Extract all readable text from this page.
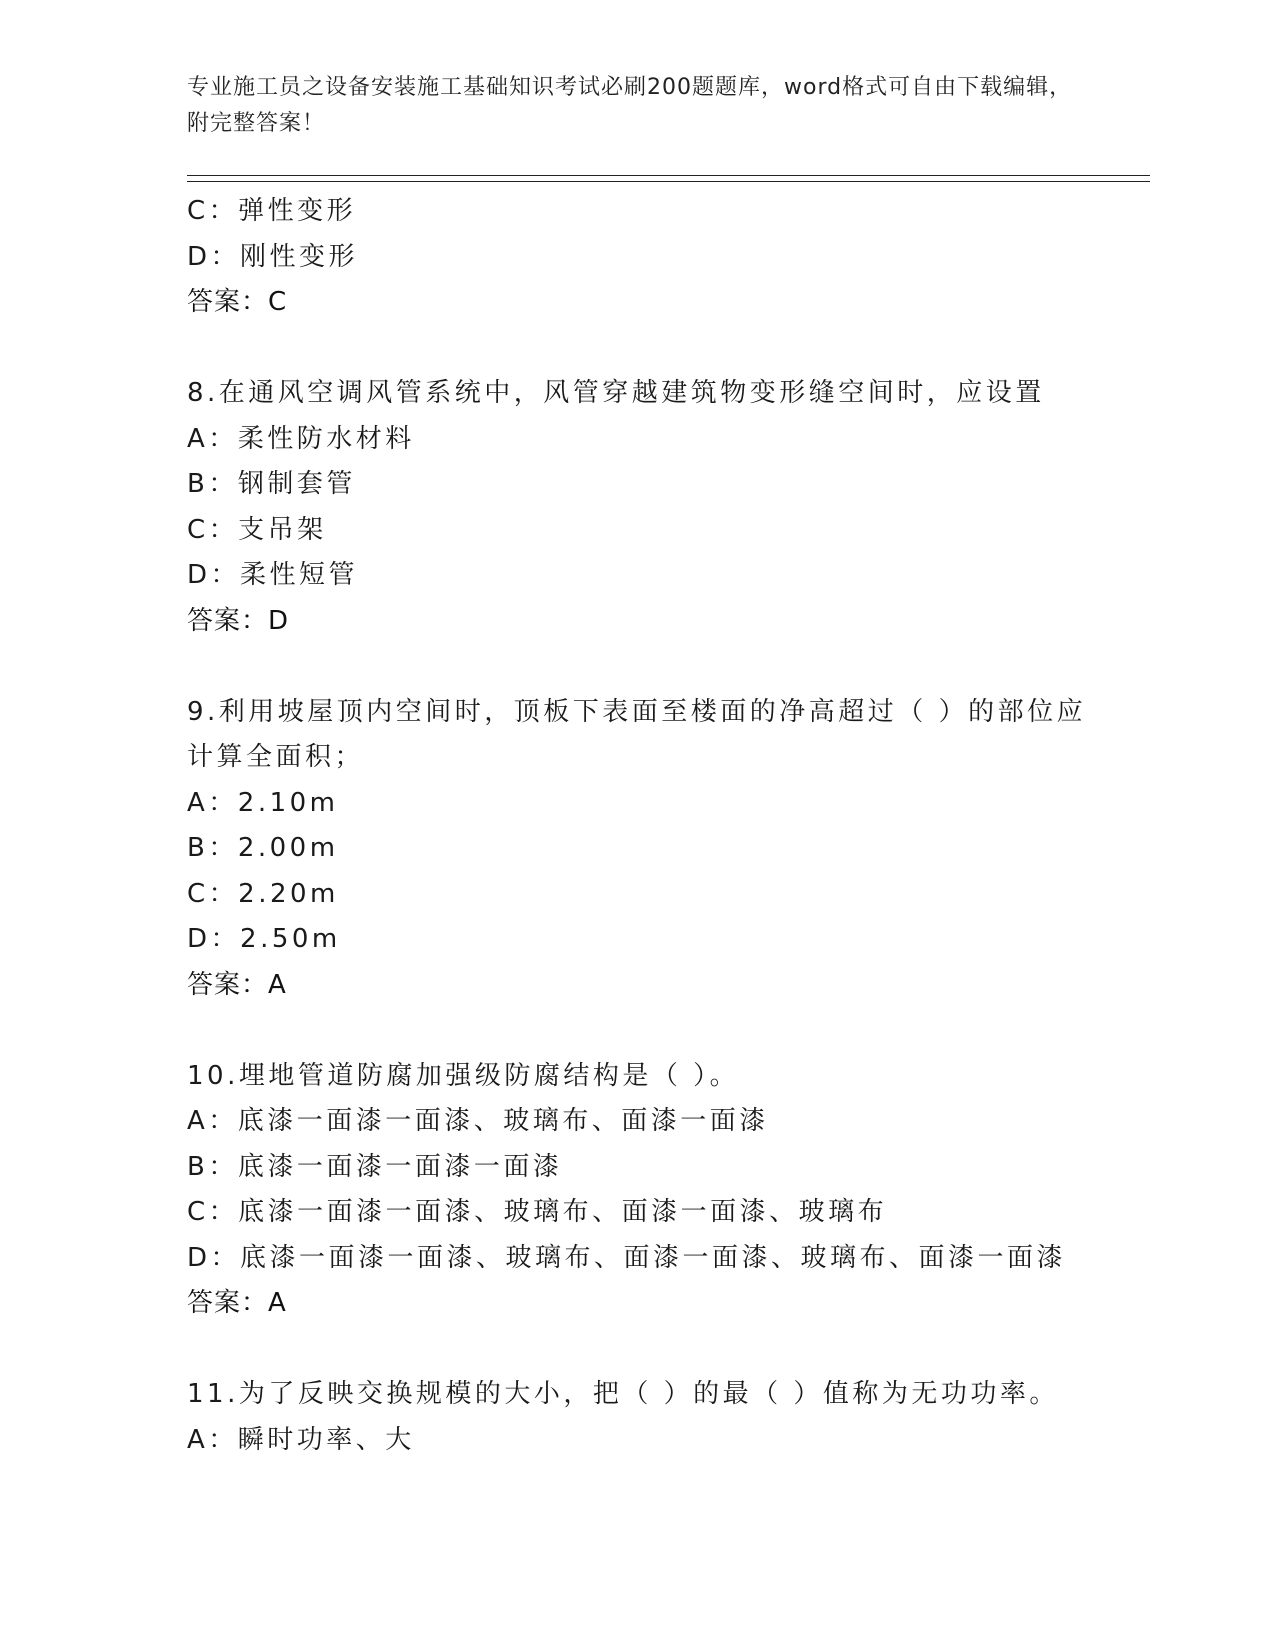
专业施工员之设备安装施工基础知识考试必刷200题题库，word格式可自由下载编辑，附完整答案！
C：弹性变形
D：刚性变形
答案：C
8.在通风空调风管系统中，风管穿越建筑物变形缝空间时，应设置
A：柔性防水材料
B：钢制套管
C：支吊架
D：柔性短管
答案：D
9.利用坡屋顶内空间时，顶板下表面至楼面的净高超过（ ）的部位应
计算全面积；
A：2.10m
B：2.00m
C：2.20m
D：2.50m
答案：A
10.埋地管道防腐加强级防腐结构是（ ）。
A：底漆一面漆一面漆、玻璃布、面漆一面漆
B：底漆一面漆一面漆一面漆
C：底漆一面漆一面漆、玻璃布、面漆一面漆、玻璃布
D：底漆一面漆一面漆、玻璃布、面漆一面漆、玻璃布、面漆一面漆
答案：A
11.为了反映交换规模的大小，把（ ）的最（ ）值称为无功功率。
A：瞬时功率、大
